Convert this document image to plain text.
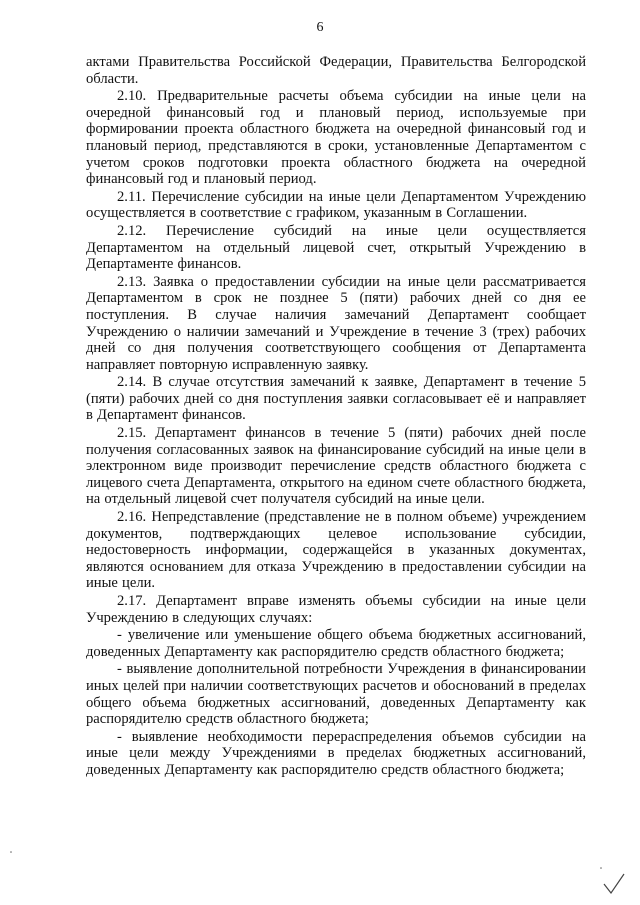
6

актами Правительства Российской Федерации, Правительства Белгородской области.

2.10. Предварительные расчеты объема субсидии на иные цели на очередной финансовый год и плановый период, используемые при формировании проекта областного бюджета на очередной финансовый год и плановый период, представляются в сроки, установленные Департаментом с учетом сроков подготовки проекта областного бюджета на очередной финансовый год и плановый период.

2.11. Перечисление субсидии на иные цели Департаментом Учреждению осуществляется в соответствие с графиком, указанным в Соглашении.

2.12. Перечисление субсидий на иные цели осуществляется Департаментом на отдельный лицевой счет, открытый Учреждению в Департаменте финансов.

2.13. Заявка о предоставлении субсидии на иные цели рассматривается Департаментом в срок не позднее 5 (пяти) рабочих дней со дня ее поступления. В случае наличия замечаний Департамент сообщает Учреждению о наличии замечаний и Учреждение в течение 3 (трех) рабочих дней со дня получения соответствующего сообщения от Департамента направляет повторную исправленную заявку.

2.14. В случае отсутствия замечаний к заявке, Департамент в течение 5 (пяти) рабочих дней со дня поступления заявки согласовывает её и направляет в Департамент финансов.

2.15. Департамент финансов в течение 5 (пяти) рабочих дней после получения согласованных заявок на финансирование субсидий на иные цели в электронном виде производит перечисление средств областного бюджета с лицевого счета Департамента, открытого на едином счете областного бюджета, на отдельный лицевой счет получателя субсидий на иные цели.

2.16. Непредставление (представление не в полном объеме) учреждением документов, подтверждающих целевое использование субсидии, недостоверность информации, содержащейся в указанных документах, являются основанием для отказа Учреждению в предоставлении субсидии на иные цели.

2.17. Департамент вправе изменять объемы субсидии на иные цели Учреждению в следующих случаях:

- увеличение или уменьшение общего объема бюджетных ассигнований, доведенных Департаменту как распорядителю средств областного бюджета;

- выявление дополнительной потребности Учреждения в финансировании иных целей при наличии соответствующих расчетов и обоснований в пределах общего объема бюджетных ассигнований, доведенных Департаменту как распорядителю средств областного бюджета;

- выявление необходимости перераспределения объемов субсидии на иные цели между Учреждениями в пределах бюджетных ассигнований, доведенных Департаменту как распорядителю средств областного бюджета;
